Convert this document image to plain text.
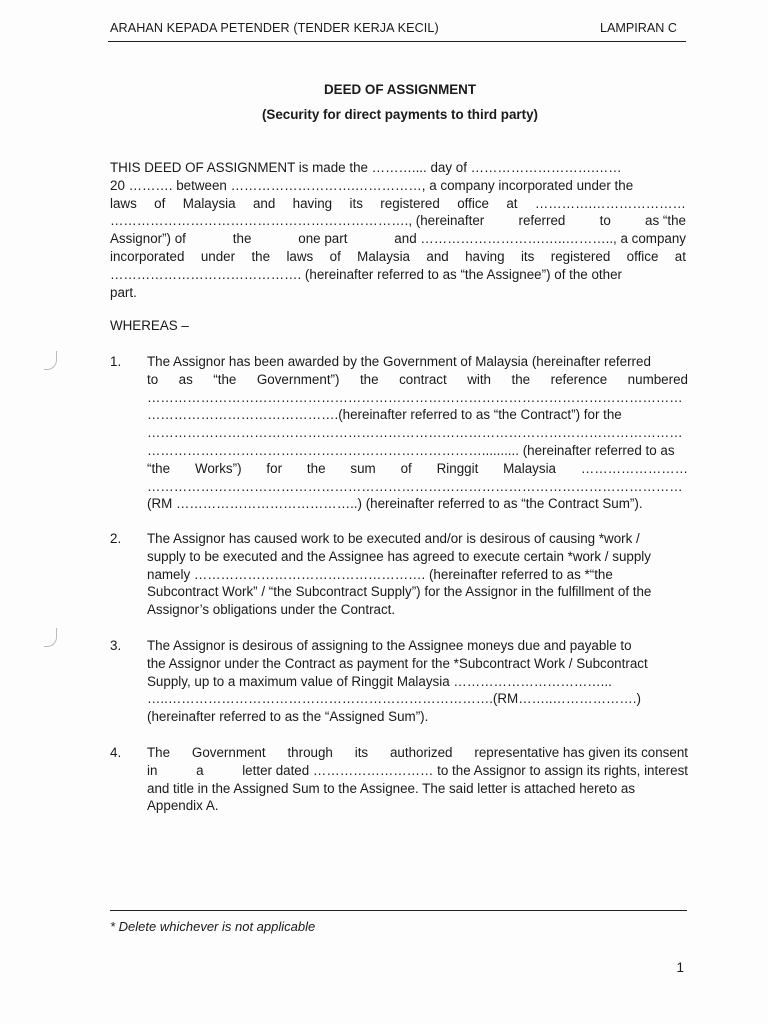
ARAHAN KEPADA PETENDER (TENDER KERJA KECIL)	LAMPIRAN C
DEED OF ASSIGNMENT
(Security for direct payments to third party)
THIS DEED OF ASSIGNMENT is made the ……….... day of ……………………….……
20 ………. between ……………………….……………, a company incorporated under the
laws of Malaysia and having its registered office at ………….…………………
…………………………………………………………., (hereinafter	referred	to	as “the
Assignor”) of	the	one part	and ……………………….…..……….., a company
incorporated under the laws of Malaysia and having its registered office at
……………………………………. (hereinafter referred to as “the Assignee”) of the other
part.
WHEREAS –
1. The Assignor has been awarded by the Government of Malaysia (hereinafter referred
to as “the Government”) the contract with the reference numbered
…………………………………………………………………………………………………………
…………………………………….(hereinafter referred to as “the Contract”) for the
…………………………………………………………………………………………………………
………………………………………………………………….......... (hereinafter referred to as
“the Works”) for the sum of Ringgit Malaysia ……………………
…………………………………………………………………………………………………………
(RM …………………………………..) (hereinafter referred to as “the Contract Sum”).
2. The Assignor has caused work to be executed and/or is desirous of causing *work /
supply to be executed and the Assignee has agreed to execute certain *work / supply
namely ……………………………………………. (hereinafter referred to as *“the
Subcontract Work” / “the Subcontract Supply”) for the Assignor in the fulfillment of the
Assignor’s obligations under the Contract.
3. The Assignor is desirous of assigning to the Assignee moneys due and payable to
the Assignor under the Contract as payment for the *Subcontract Work / Subcontract
Supply, up to a maximum value of Ringgit Malaysia ……………………………...
…..……………………………………………………………….(RM……..……………….)
(hereinafter referred to as the “Assigned Sum”).
4. The Government through its authorized representative has given its consent
in	a	letter dated ……………………… to the Assignor to assign its rights, interest
and title in the Assigned Sum to the Assignee. The said letter is attached hereto as
Appendix A.
* Delete whichever is not applicable
1
